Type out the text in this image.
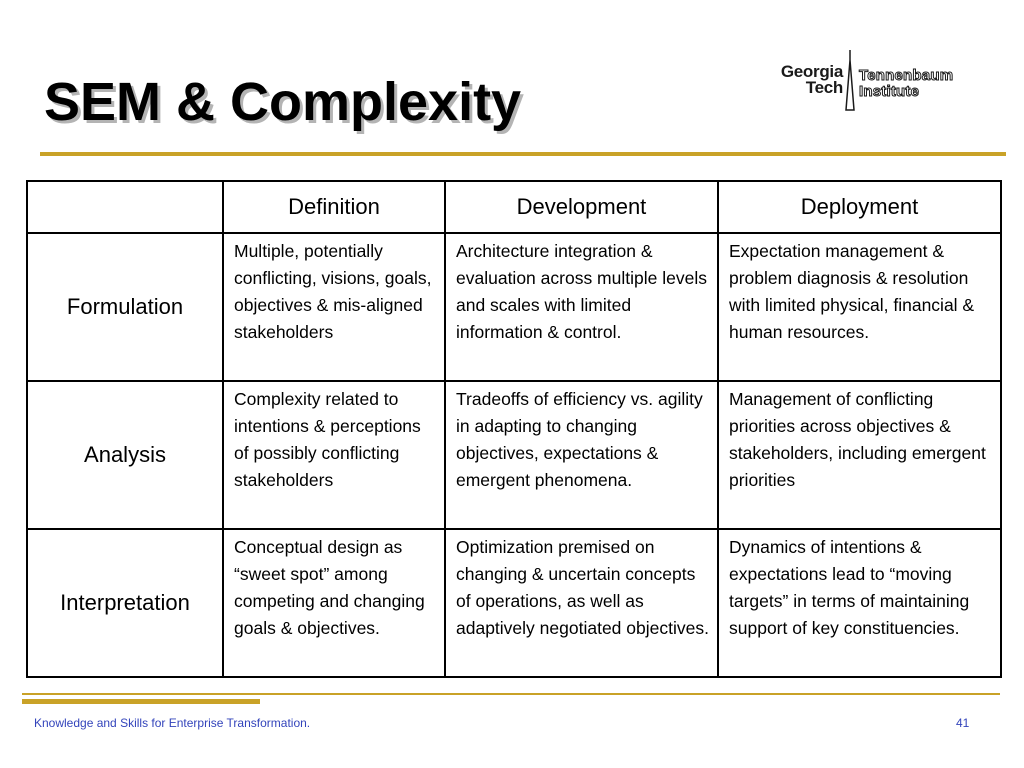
SEM & Complexity
Georgia
Tech
Tennenbaum
Institute
	Definition	Development	Deployment
Formulation	Multiple, potentially conflicting, visions, goals, objectives & mis-aligned stakeholders	Architecture integration & evaluation across multiple levels and scales with limited information & control.	Expectation management & problem diagnosis & resolution with limited physical, financial & human resources.
Analysis	Complexity related to intentions & perceptions of possibly conflicting stakeholders	Tradeoffs of efficiency vs. agility in adapting to changing objectives, expectations & emergent phenomena.	Management of conflicting priorities across objectives & stakeholders, including emergent priorities
Interpretation	Conceptual design as “sweet spot” among competing and changing goals & objectives.	Optimization premised on changing & uncertain concepts of operations, as well as adaptively negotiated objectives.	Dynamics of intentions & expectations lead to “moving targets” in terms of maintaining support of key constituencies.
Knowledge and Skills for Enterprise Transformation.	41
